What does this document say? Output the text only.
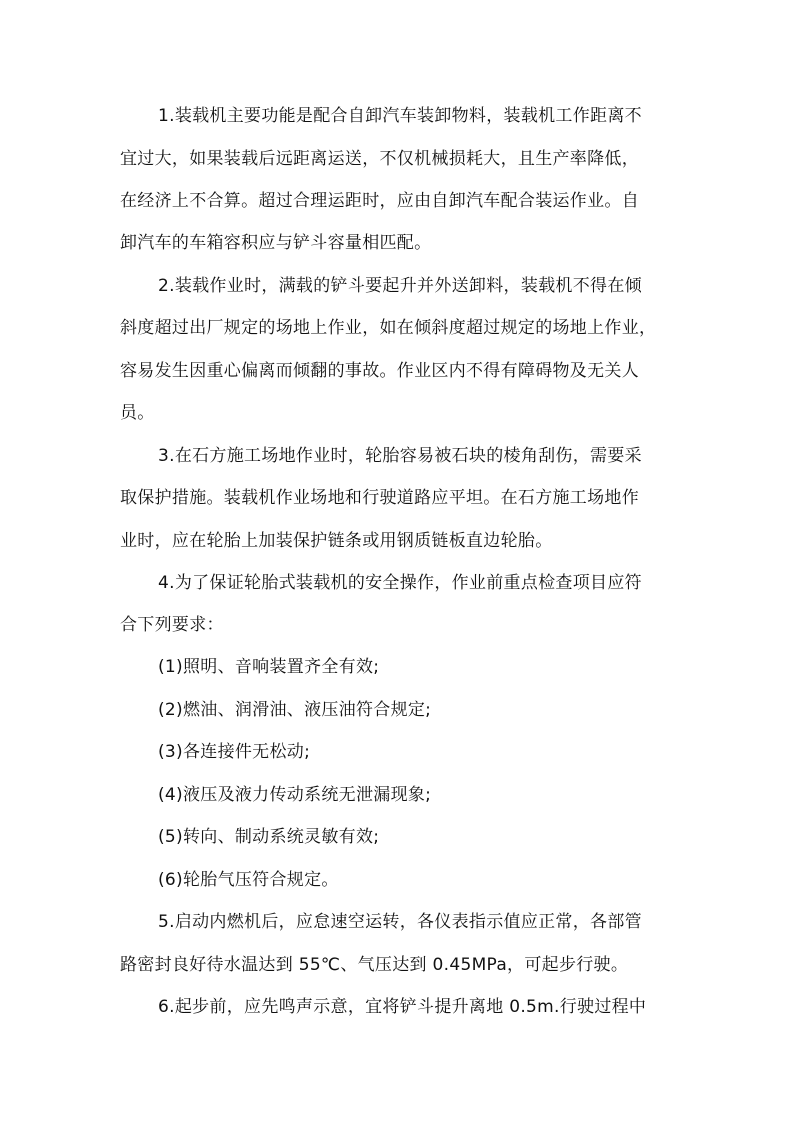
1.装载机主要功能是配合自卸汽车装卸物料，装载机工作距离不
宜过大，如果装载后远距离运送，不仅机械损耗大，且生产率降低，
在经济上不合算。超过合理运距时，应由自卸汽车配合装运作业。自
卸汽车的车箱容积应与铲斗容量相匹配。
2.装载作业时，满载的铲斗要起升并外送卸料，装载机不得在倾
斜度超过出厂规定的场地上作业，如在倾斜度超过规定的场地上作业，
容易发生因重心偏离而倾翻的事故。作业区内不得有障碍物及无关人
员。
3.在石方施工场地作业时，轮胎容易被石块的棱角刮伤，需要采
取保护措施。装载机作业场地和行驶道路应平坦。在石方施工场地作
业时，应在轮胎上加装保护链条或用钢质链板直边轮胎。
4.为了保证轮胎式装载机的安全操作，作业前重点检查项目应符
合下列要求：
(1)照明、音响装置齐全有效;
(2)燃油、润滑油、液压油符合规定;
(3)各连接件无松动;
(4)液压及液力传动系统无泄漏现象;
(5)转向、制动系统灵敏有效;
(6)轮胎气压符合规定。
5.启动内燃机后，应怠速空运转，各仪表指示值应正常，各部管
路密封良好待水温达到 55℃、气压达到 0.45MPa，可起步行驶。
6.起步前，应先鸣声示意，宜将铲斗提升离地 0.5m.行驶过程中
